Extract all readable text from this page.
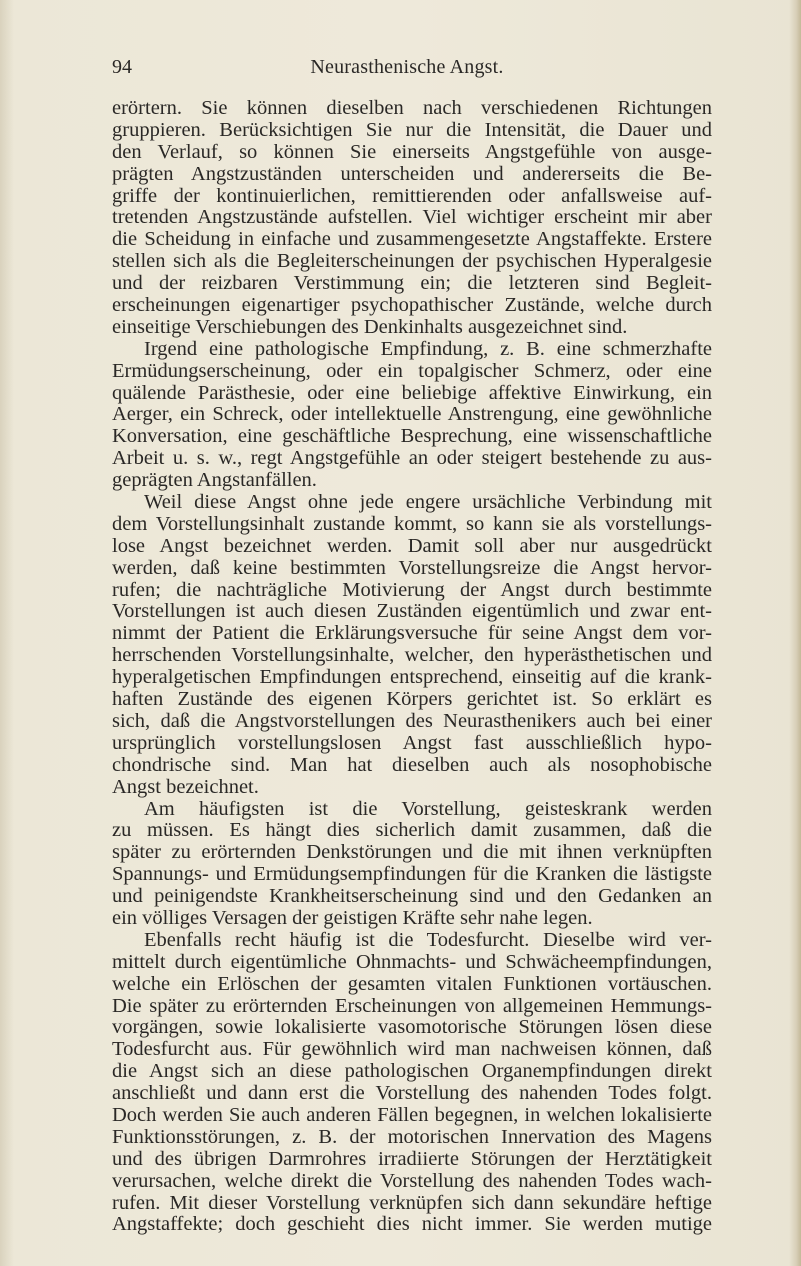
94	Neurasthenische Angst.
erörtern. Sie können dieselben nach verschiedenen Richtungen
gruppieren. Berücksichtigen Sie nur die Intensität, die Dauer und
den Verlauf, so können Sie einerseits Angstgefühle von ausge-
prägten Angstzuständen unterscheiden und andererseits die Be-
griffe der kontinuierlichen, remittierenden oder anfallsweise auf-
tretenden Angstzustände aufstellen. Viel wichtiger erscheint mir aber
die Scheidung in einfache und zusammengesetzte Angstaffekte. Erstere
stellen sich als die Begleiterscheinungen der psychischen Hyperalgesie
und der reizbaren Verstimmung ein; die letzteren sind Begleit-
erscheinungen eigenartiger psychopathischer Zustände, welche durch
einseitige Verschiebungen des Denkinhalts ausgezeichnet sind.
Irgend eine pathologische Empfindung, z. B. eine schmerzhafte
Ermüdungserscheinung, oder ein topalgischer Schmerz, oder eine
quälende Parästhesie, oder eine beliebige affektive Einwirkung, ein
Aerger, ein Schreck, oder intellektuelle Anstrengung, eine gewöhnliche
Konversation, eine geschäftliche Besprechung, eine wissenschaftliche
Arbeit u. s. w., regt Angstgefühle an oder steigert bestehende zu aus-
geprägten Angstanfällen.
Weil diese Angst ohne jede engere ursächliche Verbindung mit
dem Vorstellungsinhalt zustande kommt, so kann sie als vorstellungs-
lose Angst bezeichnet werden. Damit soll aber nur ausgedrückt
werden, daß keine bestimmten Vorstellungsreize die Angst hervor-
rufen; die nachträgliche Motivierung der Angst durch bestimmte
Vorstellungen ist auch diesen Zuständen eigentümlich und zwar ent-
nimmt der Patient die Erklärungsversuche für seine Angst dem vor-
herrschenden Vorstellungsinhalte, welcher, den hyperästhetischen und
hyperalgetischen Empfindungen entsprechend, einseitig auf die krank-
haften Zustände des eigenen Körpers gerichtet ist. So erklärt es
sich, daß die Angstvorstellungen des Neurasthenikers auch bei einer
ursprünglich vorstellungslosen Angst fast ausschließlich hypo-
chondrische sind. Man hat dieselben auch als nosophobische
Angst bezeichnet.
Am häufigsten ist die Vorstellung, geisteskrank werden
zu müssen. Es hängt dies sicherlich damit zusammen, daß die
später zu erörternden Denkstörungen und die mit ihnen verknüpften
Spannungs- und Ermüdungsempfindungen für die Kranken die lästigste
und peinigendste Krankheitserscheinung sind und den Gedanken an
ein völliges Versagen der geistigen Kräfte sehr nahe legen.
Ebenfalls recht häufig ist die Todesfurcht. Dieselbe wird ver-
mittelt durch eigentümliche Ohnmachts- und Schwächeempfindungen,
welche ein Erlöschen der gesamten vitalen Funktionen vortäuschen.
Die später zu erörternden Erscheinungen von allgemeinen Hemmungs-
vorgängen, sowie lokalisierte vasomotorische Störungen lösen diese
Todesfurcht aus. Für gewöhnlich wird man nachweisen können, daß
die Angst sich an diese pathologischen Organempfindungen direkt
anschließt und dann erst die Vorstellung des nahenden Todes folgt.
Doch werden Sie auch anderen Fällen begegnen, in welchen lokalisierte
Funktionsstörungen, z. B. der motorischen Innervation des Magens
und des übrigen Darmrohres irradiierte Störungen der Herztätigkeit
verursachen, welche direkt die Vorstellung des nahenden Todes wach-
rufen. Mit dieser Vorstellung verknüpfen sich dann sekundäre heftige
Angstaffekte; doch geschieht dies nicht immer. Sie werden mutige
